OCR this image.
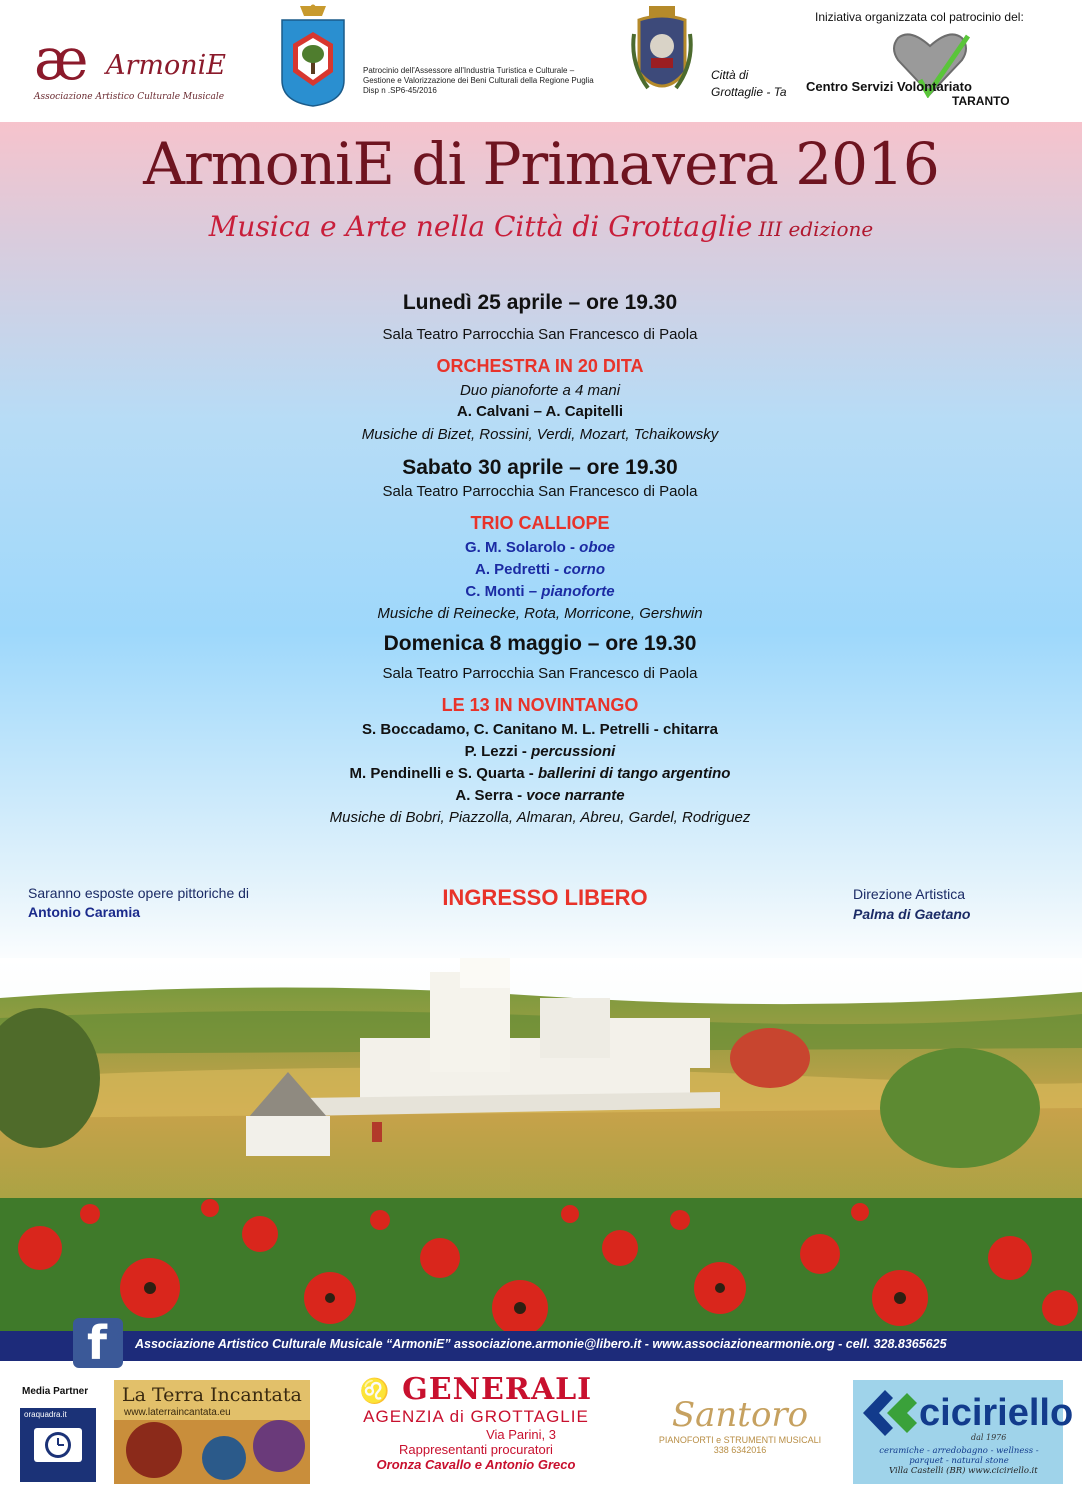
æ ArmoniE
Associazione Artistico Culturale Musicale
Patrocinio dell'Assessore all'Industria Turistica e Culturale –
Gestione e Valorizzazione dei Beni Culturali della Regione Puglia
Disp n .SP6-45/2016
Città di
Grottaglie - Ta
Iniziativa organizzata col patrocinio del:
Centro Servizi Volontariato
TARANTO
ArmoniE di Primavera 2016
Musica e Arte nella Città di Grottaglie III edizione
Lunedì 25 aprile – ore 19.30
Sala Teatro Parrocchia San Francesco di Paola
ORCHESTRA IN 20 DITA
Duo pianoforte a 4 mani
A. Calvani – A. Capitelli
Musiche di Bizet, Rossini, Verdi, Mozart, Tchaikowsky
Sabato 30 aprile – ore 19.30
Sala Teatro Parrocchia San Francesco di Paola
TRIO CALLIOPE
G. M. Solarolo - oboe
A. Pedretti - corno
C. Monti – pianoforte
Musiche di Reinecke, Rota, Morricone, Gershwin
Domenica 8 maggio – ore 19.30
Sala Teatro Parrocchia San Francesco di Paola
LE 13 IN NOVINTANGO
S. Boccadamo, C. Canitano M. L. Petrelli - chitarra
P. Lezzi - percussioni
M. Pendinelli e S. Quarta - ballerini di tango argentino
A. Serra - voce narrante
Musiche di Bobri, Piazzolla, Almaran, Abreu, Gardel, Rodriguez
Saranno esposte opere pittoriche di
Antonio Caramia
INGRESSO LIBERO	Direzione Artistica
Palma di Gaetano
f Associazione Artistico Culturale Musicale “ArmoniE” associazione.armonie@libero.it - www.associazionearmonie.org - cell. 328.8365625
Media Partner
oraquadra.it
La Terra Incantata
www.laterraincantata.eu
♌ GENERALI
AGENZIA di GROTTAGLIE
Via Parini, 3
Rappresentanti procuratori
Oronza Cavallo e Antonio Greco
Santoro
PIANOFORTI e STRUMENTI MUSICALI
338 6342016
ciciriello
dal 1976
ceramiche - arredobagno - wellness - parquet - natural stone
Villa Castelli (BR) www.ciciriello.it
